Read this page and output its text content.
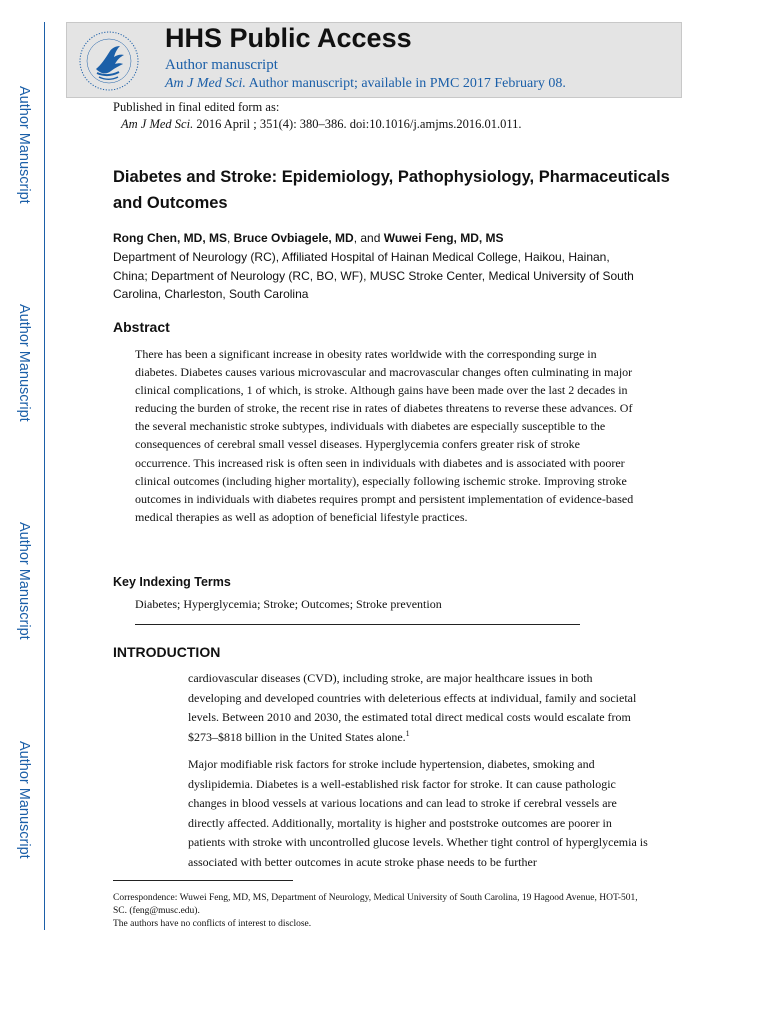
Author Manuscript
Author Manuscript
Author Manuscript
Author Manuscript
HHS Public Access
Author manuscript
Am J Med Sci. Author manuscript; available in PMC 2017 February 08.
Published in final edited form as:
Am J Med Sci. 2016 April ; 351(4): 380–386. doi:10.1016/j.amjms.2016.01.011.
Diabetes and Stroke: Epidemiology, Pathophysiology, Pharmaceuticals and Outcomes
Rong Chen, MD, MS, Bruce Ovbiagele, MD, and Wuwei Feng, MD, MS
Department of Neurology (RC), Affiliated Hospital of Hainan Medical College, Haikou, Hainan, China; Department of Neurology (RC, BO, WF), MUSC Stroke Center, Medical University of South Carolina, Charleston, South Carolina
Abstract
There has been a significant increase in obesity rates worldwide with the corresponding surge in diabetes. Diabetes causes various microvascular and macrovascular changes often culminating in major clinical complications, 1 of which, is stroke. Although gains have been made over the last 2 decades in reducing the burden of stroke, the recent rise in rates of diabetes threatens to reverse these advances. Of the several mechanistic stroke subtypes, individuals with diabetes are especially susceptible to the consequences of cerebral small vessel diseases. Hyperglycemia confers greater risk of stroke occurrence. This increased risk is often seen in individuals with diabetes and is associated with poorer clinical outcomes (including higher mortality), especially following ischemic stroke. Improving stroke outcomes in individuals with diabetes requires prompt and persistent implementation of evidence-based medical therapies as well as adoption of beneficial lifestyle practices.
Key Indexing Terms
Diabetes; Hyperglycemia; Stroke; Outcomes; Stroke prevention
INTRODUCTION
cardiovascular diseases (CVD), including stroke, are major healthcare issues in both developing and developed countries with deleterious effects at individual, family and societal levels. Between 2010 and 2030, the estimated total direct medical costs would escalate from $273–$818 billion in the United States alone.$^1$
Major modifiable risk factors for stroke include hypertension, diabetes, smoking and dyslipidemia. Diabetes is a well-established risk factor for stroke. It can cause pathologic changes in blood vessels at various locations and can lead to stroke if cerebral vessels are directly affected. Additionally, mortality is higher and poststroke outcomes are poorer in patients with stroke with uncontrolled glucose levels. Whether tight control of hyperglycemia is associated with better outcomes in acute stroke phase needs to be further
Correspondence: Wuwei Feng, MD, MS, Department of Neurology, Medical University of South Carolina, 19 Hagood Avenue, HOT-501, SC. (feng@musc.edu).
The authors have no conflicts of interest to disclose.
